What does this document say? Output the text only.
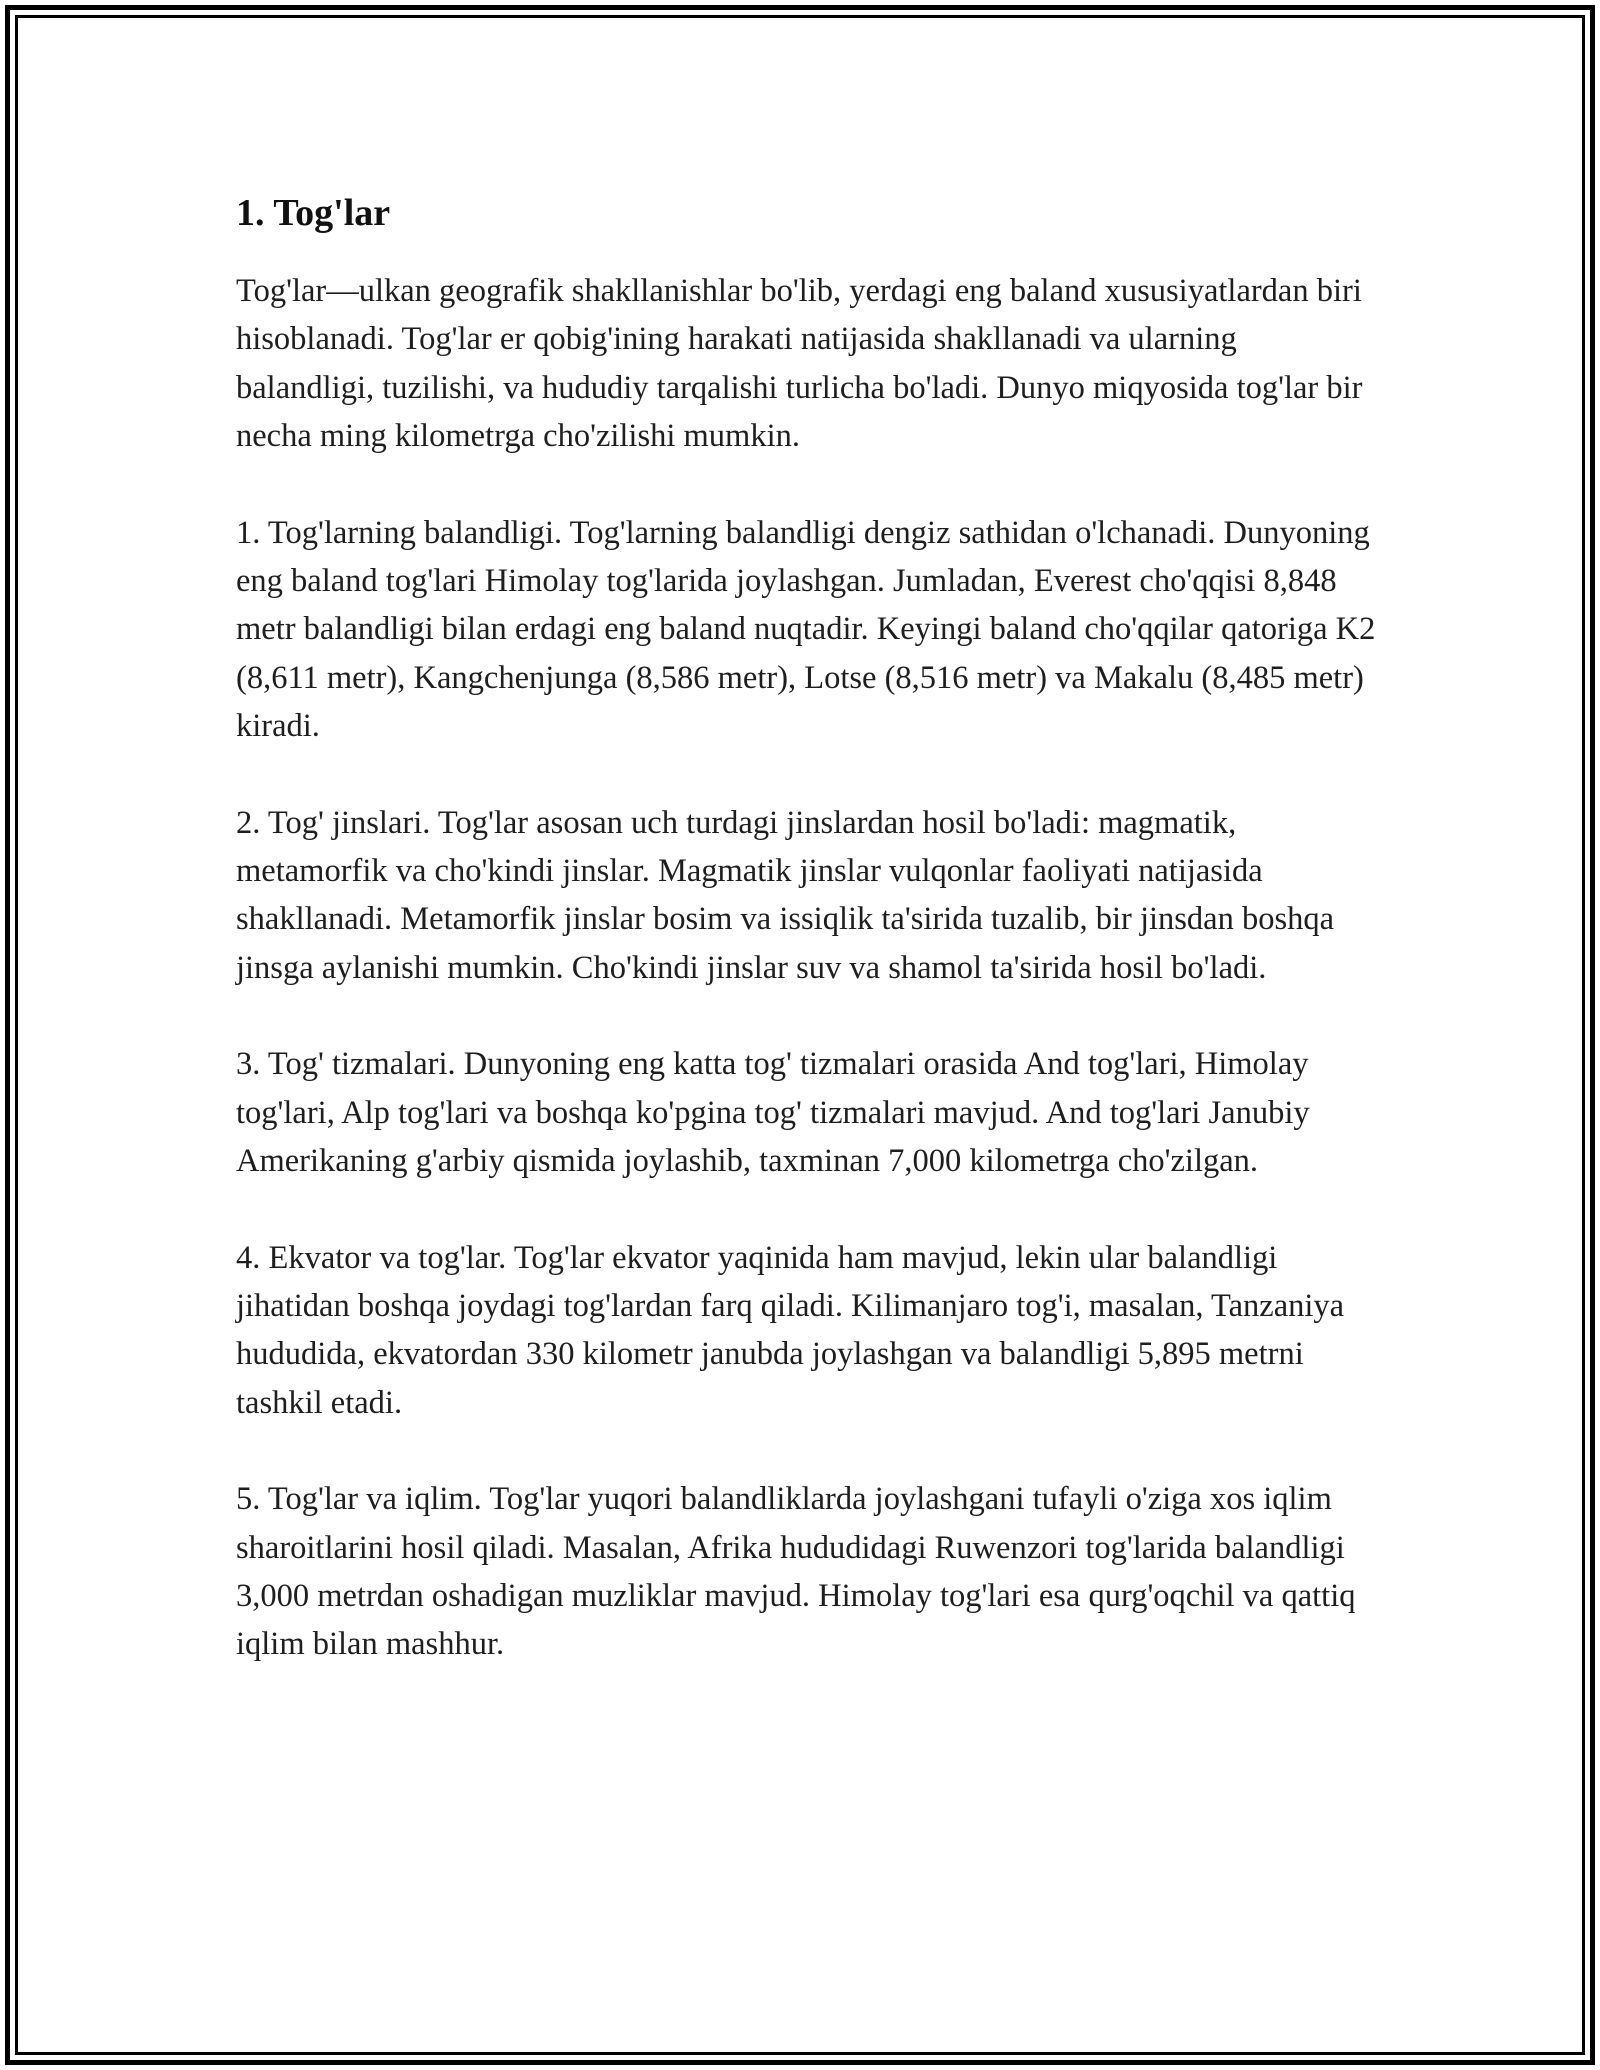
1. Tog'lar

Tog'lar—ulkan geografik shakllanishlar bo'lib, yerdagi eng baland xususiyatlardan biri hisoblanadi. Tog'lar er qobig'ining harakati natijasida shakllanadi va ularning balandligi, tuzilishi, va hududiy tarqalishi turlicha bo'ladi. Dunyo miqyosida tog'lar bir necha ming kilometrga cho'zilishi mumkin.

1. Tog'larning balandligi. Tog'larning balandligi dengiz sathidan o'lchanadi. Dunyoning eng baland tog'lari Himolay tog'larida joylashgan. Jumladan, Everest cho'qqisi 8,848 metr balandligi bilan erdagi eng baland nuqtadir. Keyingi baland cho'qqilar qatoriga K2 (8,611 metr), Kangchenjunga (8,586 metr), Lotse (8,516 metr) va Makalu (8,485 metr) kiradi.

2. Tog' jinslari. Tog'lar asosan uch turdagi jinslardan hosil bo'ladi: magmatik, metamorfik va cho'kindi jinslar. Magmatik jinslar vulqonlar faoliyati natijasida shakllanadi. Metamorfik jinslar bosim va issiqlik ta'sirida tuzalib, bir jinsdan boshqa jinsga aylanishi mumkin. Cho'kindi jinslar suv va shamol ta'sirida hosil bo'ladi.

3. Tog' tizmalari. Dunyoning eng katta tog' tizmalari orasida And tog'lari, Himolay tog'lari, Alp tog'lari va boshqa ko'pgina tog' tizmalari mavjud. And tog'lari Janubiy Amerikaning g'arbiy qismida joylashib, taxminan 7,000 kilometrga cho'zilgan.

4. Ekvator va tog'lar. Tog'lar ekvator yaqinida ham mavjud, lekin ular balandligi jihatidan boshqa joydagi tog'lardan farq qiladi. Kilimanjaro tog'i, masalan, Tanzaniya hududida, ekvatordan 330 kilometr janubda joylashgan va balandligi 5,895 metrni tashkil etadi.

5. Tog'lar va iqlim. Tog'lar yuqori balandliklarda joylashgani tufayli o'ziga xos iqlim sharoitlarini hosil qiladi. Masalan, Afrika hududidagi Ruwenzori tog'larida balandligi 3,000 metrdan oshadigan muzliklar mavjud. Himolay tog'lari esa qurg'oqchil va qattiq iqlim bilan mashhur.
